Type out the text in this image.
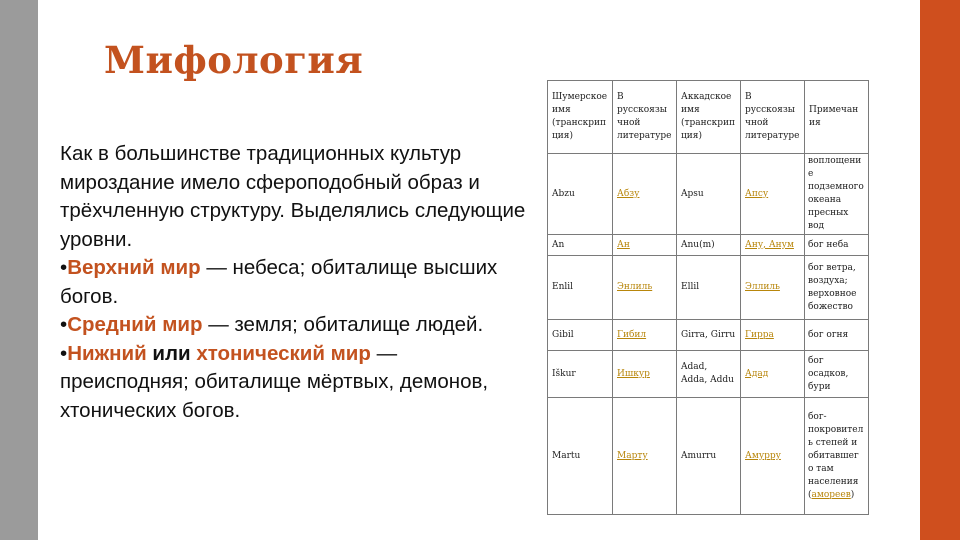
Мифология
Как в большинстве традиционных культур мироздание имело сфероподобный образ и трёхчленную структуру. Выделялись следующие уровни.
•Верхний мир — небеса; обиталище высших богов.
•Средний мир — земля; обиталище людей.
•Нижний или хтонический мир — преисподняя; обиталище мёртвых, демонов, хтонических богов.
Шумерское имя (транскрипция)	В русскоязычной литературе	Аккадское имя (транскрипция)	В русскоязычной литературе	Примечания
Abzu	Абзу	Apsu	Апсу	воплощение подземного океана пресных вод
An	Ан	Anu(m)	Ану, Анум	бог неба
Enlil	Энлиль	Ellil	Эллиль	бог ветра, воздуха; верховное божество
Gibil	Гибил	Girra, Girru	Гирра	бог огня
Iškur	Ишкур	Adad, Adda, Addu	Адад	бог осадков, бури
Martu	Марту	Amurru	Амурру	бог-покровитель степей и обитавшего там населения (амореев)
